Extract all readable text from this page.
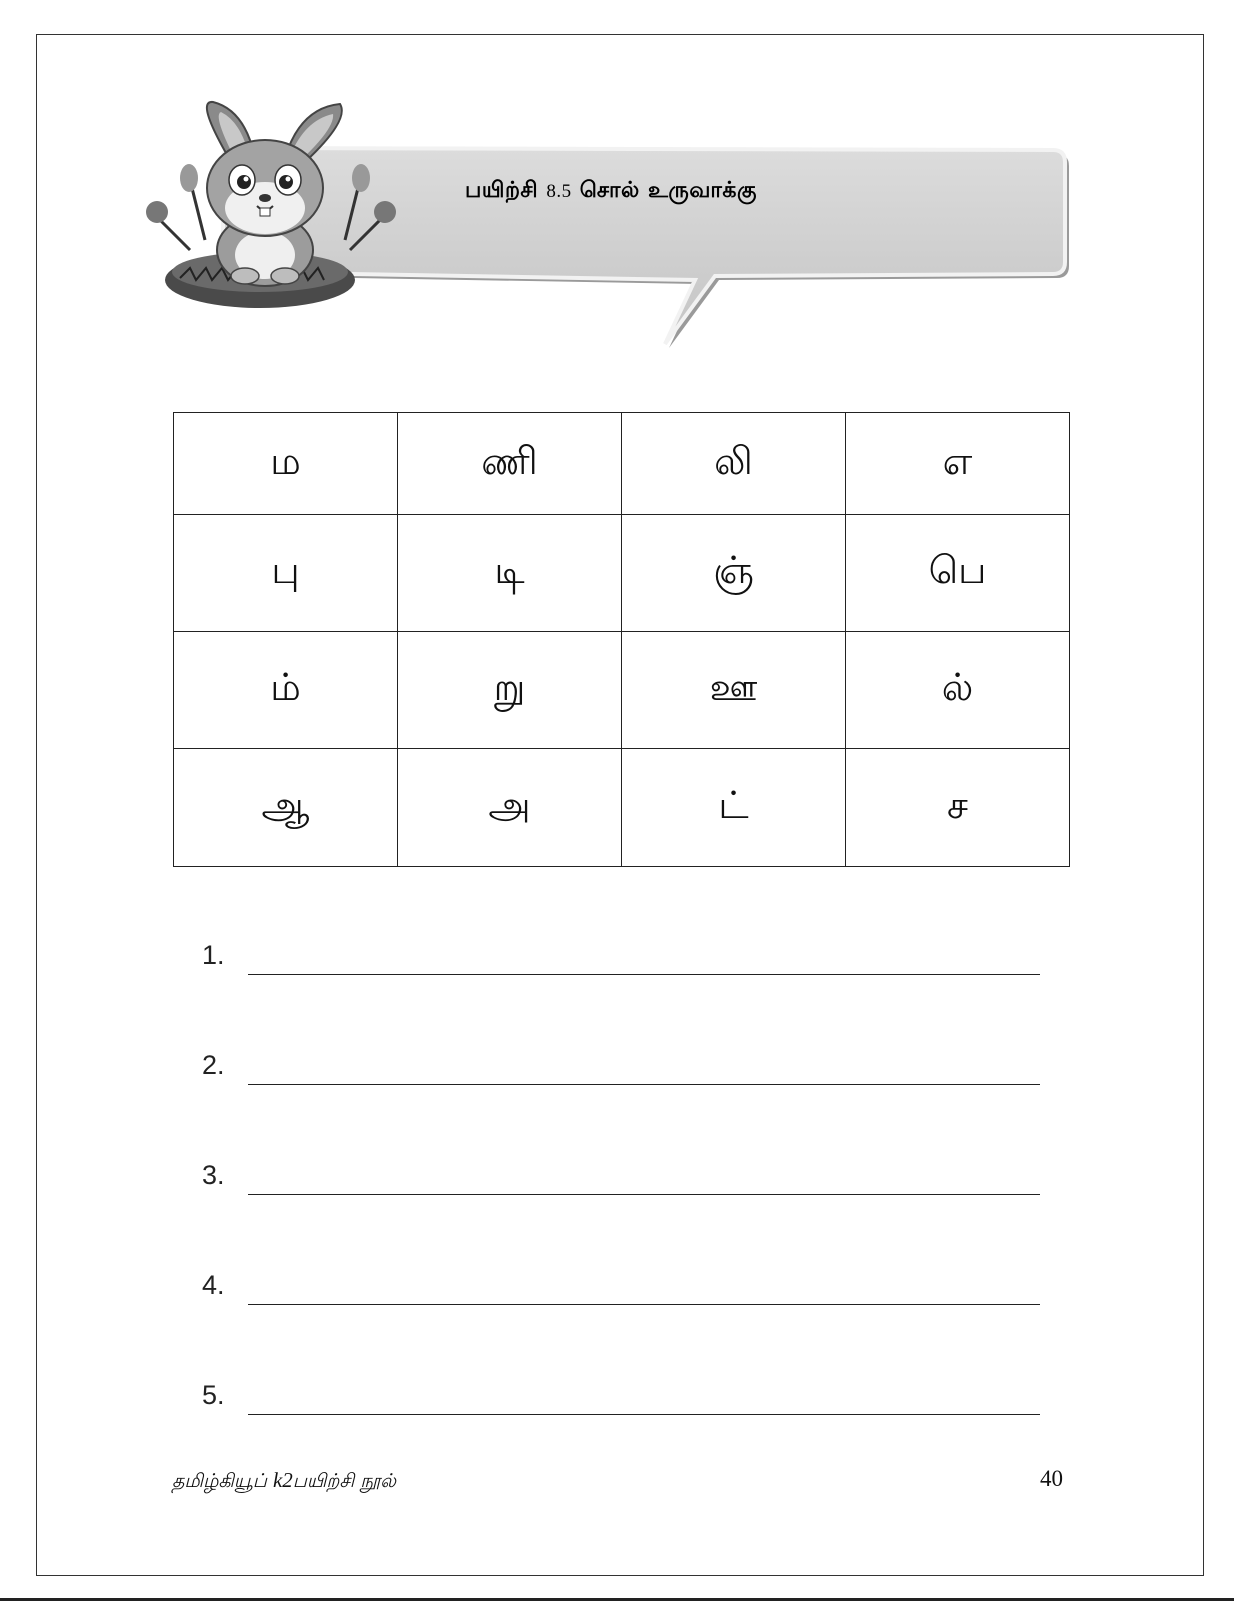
பயிற்சி 8.5 சொல் உருவாக்கு
ம	ணி	லி	எ
பு	டி	ஞ்	பெ
ம்	று	ஊ	ல்
ஆ	அ	ட்	ச
1.
2.
3.
4.
5.
தமிழ்கியூப் k2பயிற்சி நூல்	40
